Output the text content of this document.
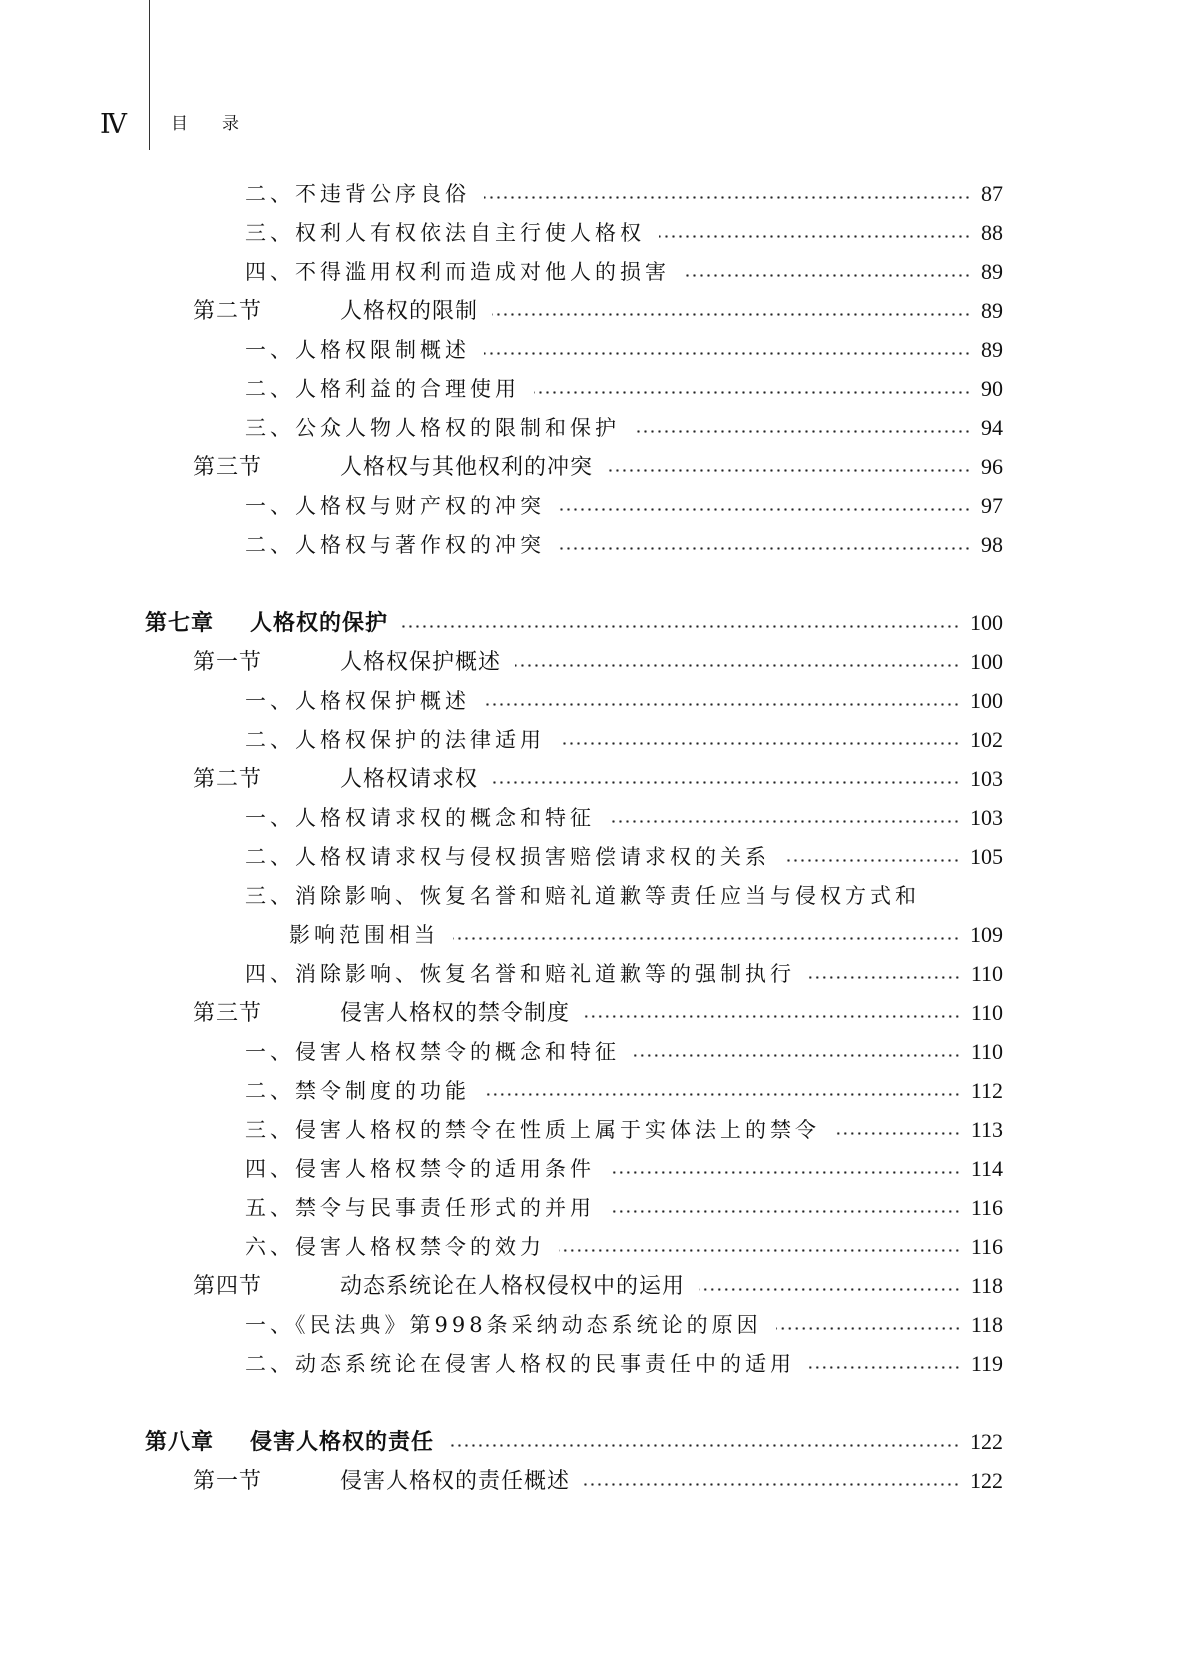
Ⅳ	目录
二、不违背公序良俗	87
三、权利人有权依法自主行使人格权	88
四、不得滥用权利而造成对他人的损害	89
第二节	人格权的限制	89
一、人格权限制概述	89
二、人格利益的合理使用	90
三、公众人物人格权的限制和保护	94
第三节	人格权与其他权利的冲突	96
一、人格权与财产权的冲突	97
二、人格权与著作权的冲突	98
第七章 人格权的保护	100
第一节	人格权保护概述	100
一、人格权保护概述	100
二、人格权保护的法律适用	102
第二节	人格权请求权	103
一、人格权请求权的概念和特征	103
二、人格权请求权与侵权损害赔偿请求权的关系	105
三、消除影响、恢复名誉和赔礼道歉等责任应当与侵权方式和
影响范围相当	109
四、消除影响、恢复名誉和赔礼道歉等的强制执行	110
第三节	侵害人格权的禁令制度	110
一、侵害人格权禁令的概念和特征	110
二、禁令制度的功能	112
三、侵害人格权的禁令在性质上属于实体法上的禁令	113
四、侵害人格权禁令的适用条件	114
五、禁令与民事责任形式的并用	116
六、侵害人格权禁令的效力	116
第四节	动态系统论在人格权侵权中的运用	118
一、《民法典》第998条采纳动态系统论的原因	118
二、动态系统论在侵害人格权的民事责任中的适用	119
第八章 侵害人格权的责任	122
第一节	侵害人格权的责任概述	122
